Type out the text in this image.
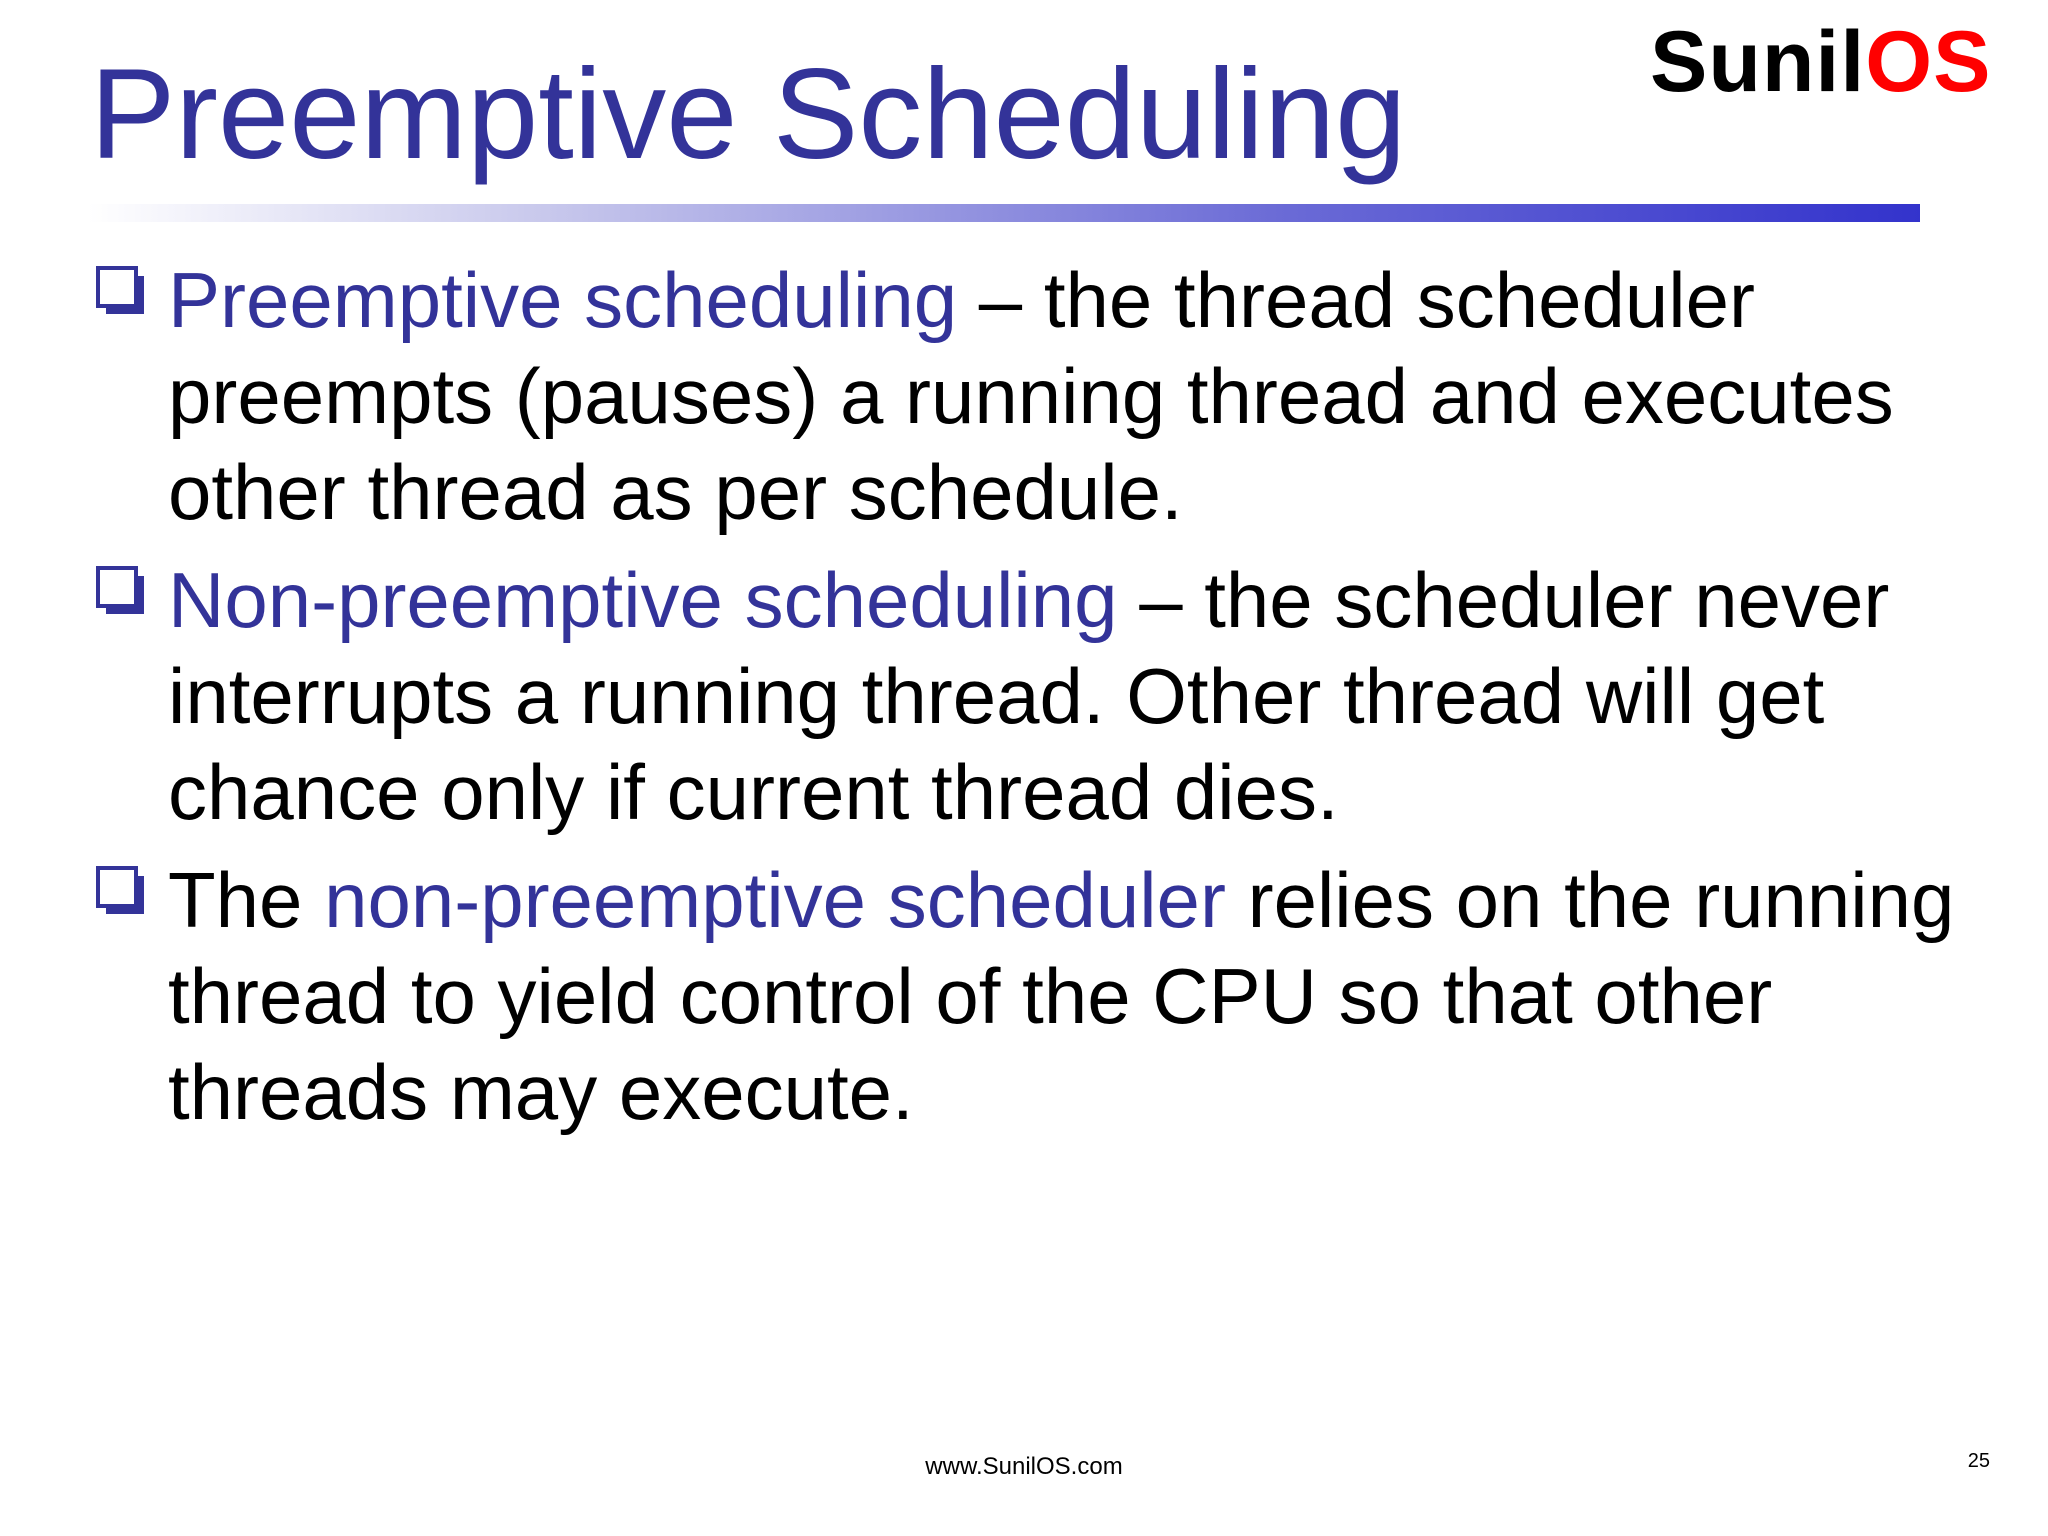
Preemptive Scheduling	SunilOS
Preemptive scheduling – the thread scheduler preempts (pauses) a running thread and executes other thread as per schedule.
Non-preemptive scheduling – the scheduler never interrupts a running thread. Other thread will get chance only if current thread dies.
The non-preemptive scheduler relies on the running thread to yield control of the CPU so that other threads may execute.
www.SunilOS.com	25
